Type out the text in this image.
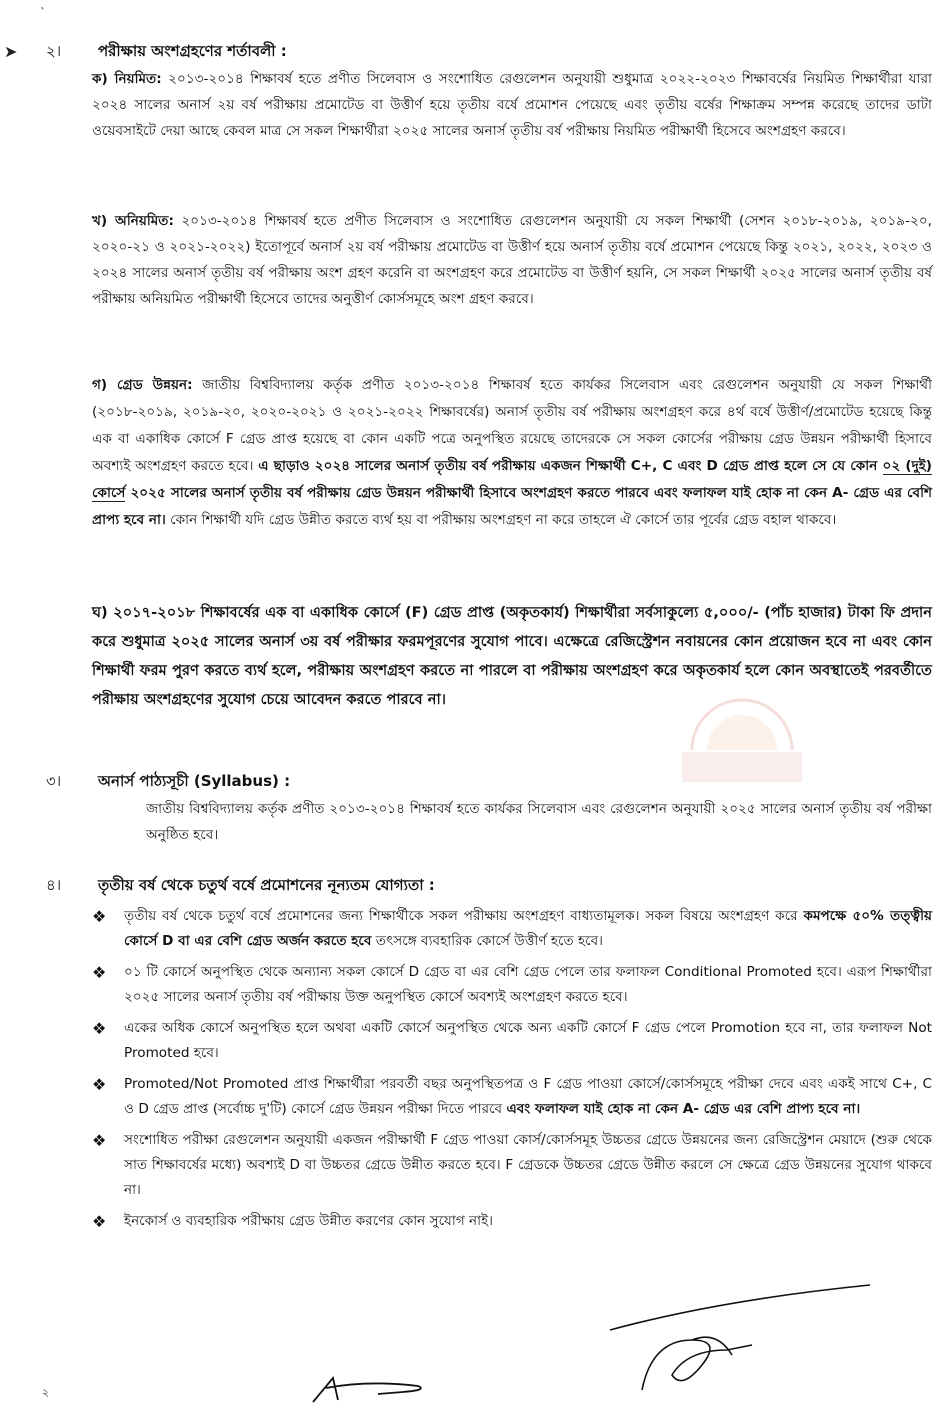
`
➤ ২। পরীক্ষায় অংশগ্রহণের শর্তাবলী :
ক) নিয়মিত: ২০১৩-২০১৪ শিক্ষাবর্ষ হতে প্রণীত সিলেবাস ও সংশোধিত রেগুলেশন অনুযায়ী শুধুমাত্র ২০২২-২০২৩ শিক্ষাবর্ষের নিয়মিত শিক্ষার্থীরা যারা ২০২৪ সালের অনার্স ২য় বর্ষ পরীক্ষায় প্রমোটেড বা উত্তীর্ণ হয়ে তৃতীয় বর্ষে প্রমোশন পেয়েছে এবং তৃতীয় বর্ষের শিক্ষাক্রম সম্পন্ন করেছে তাদের ডাটা ওয়েবসাইটে দেয়া আছে কেবল মাত্র সে সকল শিক্ষার্থীরা ২০২৫ সালের অনার্স তৃতীয় বর্ষ পরীক্ষায় নিয়মিত পরীক্ষার্থী হিসেবে অংশগ্রহণ করবে।
খ) অনিয়মিত: ২০১৩-২০১৪ শিক্ষাবর্ষ হতে প্রণীত সিলেবাস ও সংশোধিত রেগুলেশন অনুযায়ী যে সকল শিক্ষার্থী (সেশন ২০১৮-২০১৯, ২০১৯-২০, ২০২০-২১ ও ২০২১-২০২২) ইতোপূর্বে অনার্স ২য় বর্ষ পরীক্ষায় প্রমোটেড বা উত্তীর্ণ হয়ে অনার্স তৃতীয় বর্ষে প্রমোশন পেয়েছে কিন্তু ২০২১, ২০২২, ২০২৩ ও ২০২৪ সালের অনার্স তৃতীয় বর্ষ পরীক্ষায় অংশ গ্রহণ করেনি বা অংশগ্রহণ করে প্রমোটেড বা উত্তীর্ণ হয়নি, সে সকল শিক্ষার্থী ২০২৫ সালের অনার্স তৃতীয় বর্ষ পরীক্ষায় অনিয়মিত পরীক্ষার্থী হিসেবে তাদের অনুত্তীর্ণ কোর্সসমূহে অংশ গ্রহণ করবে।
গ) গ্রেড উন্নয়ন: জাতীয় বিশ্ববিদ্যালয় কর্তৃক প্রণীত ২০১৩-২০১৪ শিক্ষাবর্ষ হতে কার্যকর সিলেবাস এবং রেগুলেশন অনুযায়ী যে সকল শিক্ষার্থী (২০১৮-২০১৯, ২০১৯-২০, ২০২০-২০২১ ও ২০২১-২০২২ শিক্ষাবর্ষের) অনার্স তৃতীয় বর্ষ পরীক্ষায় অংশগ্রহণ করে ৪র্থ বর্ষে উত্তীর্ণ/প্রমোটেড হয়েছে কিন্তু এক বা একাধিক কোর্সে F গ্রেড প্রাপ্ত হয়েছে বা কোন একটি পত্রে অনুপস্থিত রয়েছে তাদেরকে সে সকল কোর্সের পরীক্ষায় গ্রেড উন্নয়ন পরীক্ষার্থী হিসাবে অবশ্যই অংশগ্রহণ করতে হবে। এ ছাড়াও ২০২৪ সালের অনার্স তৃতীয় বর্ষ পরীক্ষায় একজন শিক্ষার্থী C+, C এবং D গ্রেড প্রাপ্ত হলে সে যে কোন ০২ (দুই) কোর্সে ২০২৫ সালের অনার্স তৃতীয় বর্ষ পরীক্ষায় গ্রেড উন্নয়ন পরীক্ষার্থী হিসাবে অংশগ্রহণ করতে পারবে এবং ফলাফল যাই হোক না কেন A- গ্রেড এর বেশি প্রাপ্য হবে না। কোন শিক্ষার্থী যদি গ্রেড উন্নীত করতে ব্যর্থ হয় বা পরীক্ষায় অংশগ্রহণ না করে তাহলে ঐ কোর্সে তার পূর্বের গ্রেড বহাল থাকবে।
ঘ) ২০১৭-২০১৮ শিক্ষাবর্ষের এক বা একাধিক কোর্সে (F) গ্রেড প্রাপ্ত (অকৃতকার্য) শিক্ষার্থীরা সর্বসাকুল্যে ৫,০০০/- (পাঁচ হাজার) টাকা ফি প্রদান করে শুধুমাত্র ২০২৫ সালের অনার্স ৩য় বর্ষ পরীক্ষার ফরমপূরণের সুযোগ পাবে। এক্ষেত্রে রেজিস্ট্রেশন নবায়নের কোন প্রয়োজন হবে না এবং কোন শিক্ষার্থী ফরম পুরণ করতে ব্যর্থ হলে, পরীক্ষায় অংশগ্রহণ করতে না পারলে বা পরীক্ষায় অংশগ্রহণ করে অকৃতকার্য হলে কোন অবস্থাতেই পরবর্তীতে পরীক্ষায় অংশগ্রহণের সুযোগ চেয়ে আবেদন করতে পারবে না।
৩। অনার্স পাঠ্যসূচী (Syllabus) :
জাতীয় বিশ্ববিদ্যালয় কর্তৃক প্রণীত ২০১৩-২০১৪ শিক্ষাবর্ষ হতে কার্যকর সিলেবাস এবং রেগুলেশন অনুযায়ী ২০২৫ সালের অনার্স তৃতীয় বর্ষ পরীক্ষা অনুষ্ঠিত হবে।
৪। তৃতীয় বর্ষ থেকে চতুর্থ বর্ষে প্রমোশনের নূন্যতম যোগ্যতা :
❖ তৃতীয় বর্ষ থেকে চতুর্থ বর্ষে প্রমোশনের জন্য শিক্ষার্থীকে সকল পরীক্ষায় অংশগ্রহণ বাধ্যতামূলক। সকল বিষয়ে অংশগ্রহণ করে কমপক্ষে ৫০% তত্ত্বীয় কোর্সে D বা এর বেশি গ্রেড অর্জন করতে হবে তৎসঙ্গে ব্যবহারিক কোর্সে উত্তীর্ণ হতে হবে।
❖ ০১ টি কোর্সে অনুপস্থিত থেকে অন্যান্য সকল কোর্সে D গ্রেড বা এর বেশি গ্রেড পেলে তার ফলাফল Conditional Promoted হবে। এরূপ শিক্ষার্থীরা ২০২৫ সালের অনার্স তৃতীয় বর্ষ পরীক্ষায় উক্ত অনুপস্থিত কোর্সে অবশ্যই অংশগ্রহণ করতে হবে।
❖ একের অধিক কোর্সে অনুপস্থিত হলে অথবা একটি কোর্সে অনুপস্থিত থেকে অন্য একটি কোর্সে F গ্রেড পেলে Promotion হবে না, তার ফলাফল Not Promoted হবে।
❖ Promoted/Not Promoted প্রাপ্ত শিক্ষার্থীরা পরবর্তী বছর অনুপস্থিতপত্র ও F গ্রেড পাওয়া কোর্সে/কোর্সসমূহে পরীক্ষা দেবে এবং একই সাথে C+, C ও D গ্রেড প্রাপ্ত (সর্বোচ্চ দু'টি) কোর্সে গ্রেড উন্নয়ন পরীক্ষা দিতে পারবে এবং ফলাফল যাই হোক না কেন A- গ্রেড এর বেশি প্রাপ্য হবে না।
❖ সংশোধিত পরীক্ষা রেগুলেশন অনুযায়ী একজন পরীক্ষার্থী F গ্রেড পাওয়া কোর্স/কোর্সসমূহ উচ্চতর গ্রেডে উন্নয়নের জন্য রেজিস্ট্রেশন মেয়াদে (শুরু থেকে সাত শিক্ষাবর্ষের মধ্যে) অবশ্যই D বা উচ্চতর গ্রেডে উন্নীত করতে হবে। F গ্রেডকে উচ্চতর গ্রেডে উন্নীত করলে সে ক্ষেত্রে গ্রেড উন্নয়নের সুযোগ থাকবে না।
❖ ইনকোর্স ও ব্যবহারিক পরীক্ষায় গ্রেড উন্নীত করণের কোন সুযোগ নাই।
২
